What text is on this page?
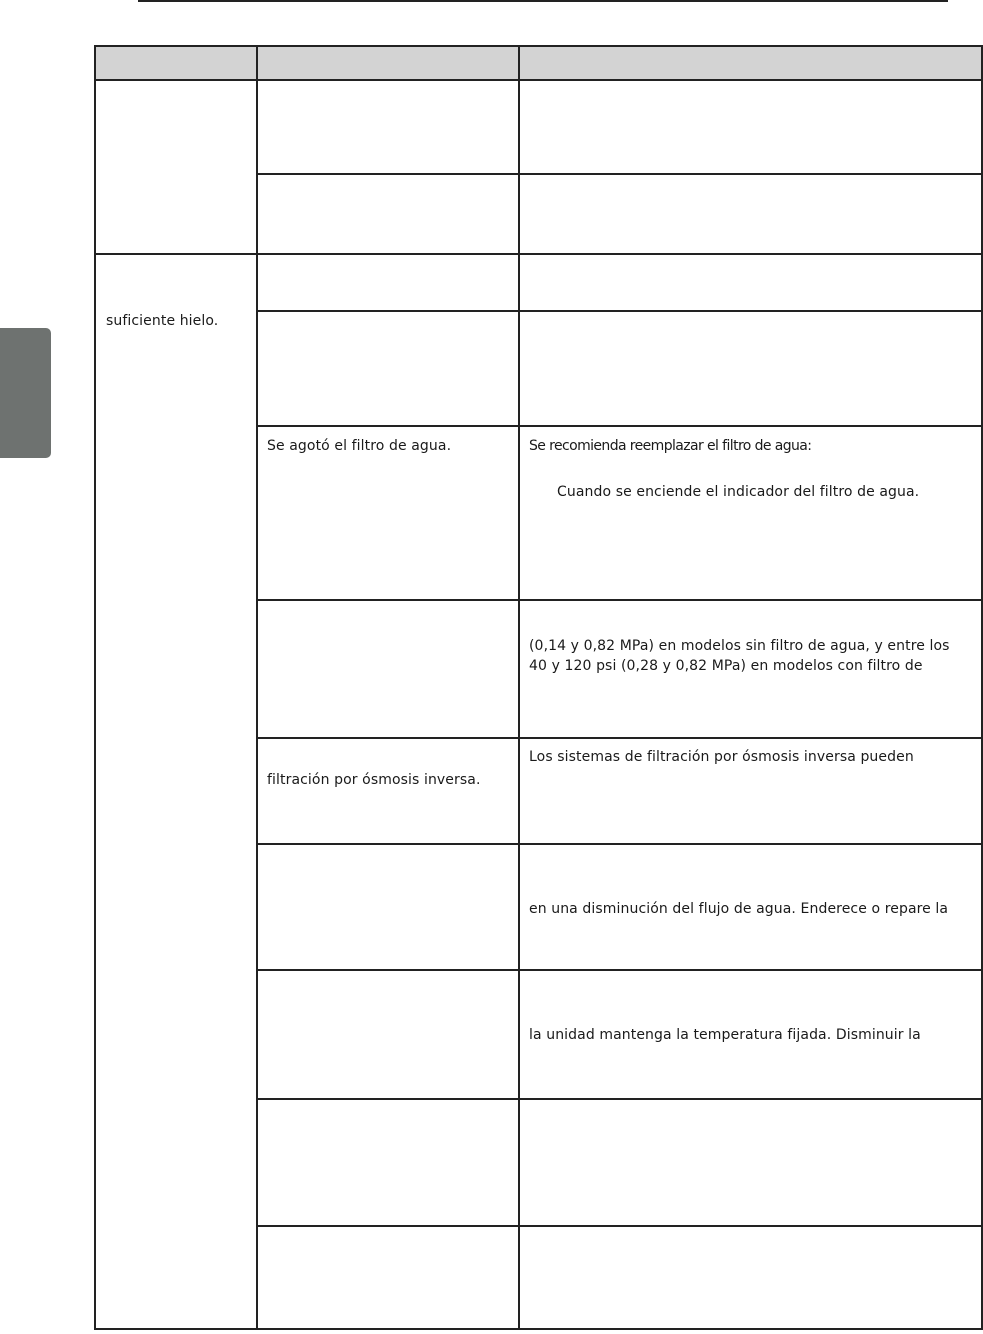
suficiente hielo.		

	Se agotó el filtro de agua.	Se recomienda reemplazar el filtro de agua:
Cuando se enciende el indicador del filtro de agua.

		(0,14 y 0,82 MPa) en modelos sin filtro de agua, y entre los
40 y 120 psi (0,28 y 0,82 MPa) en modelos con filtro de

	filtración por ósmosis inversa.	Los sistemas de filtración por ósmosis inversa pueden

		en una disminución del flujo de agua. Enderece o repare la

		la unidad mantenga la temperatura fijada. Disminuir la
